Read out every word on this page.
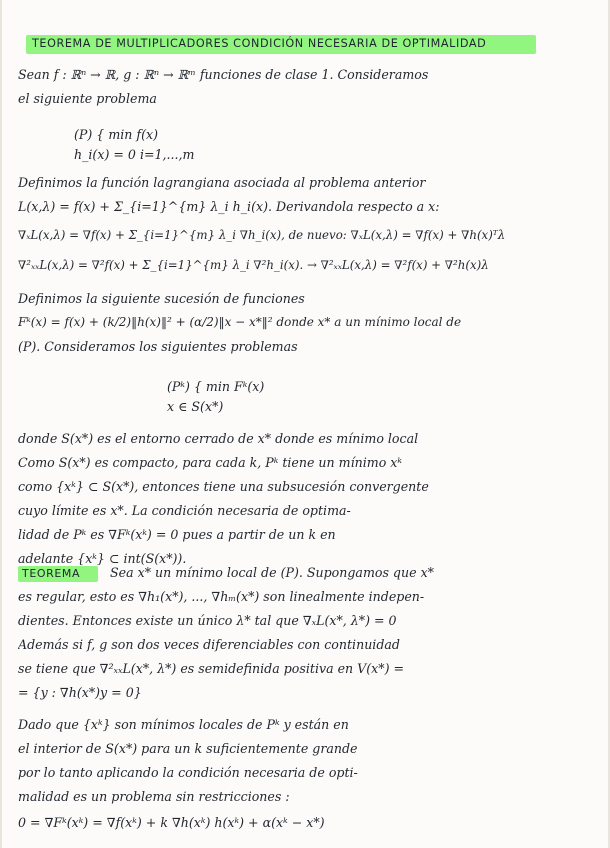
TEOREMA DE MULTIPLICADORES CONDICIÓN NECESARIA DE OPTIMALIDAD
Sean f : ℝⁿ → ℝ, g : ℝⁿ → ℝᵐ funciones de clase 1. Consideramos
el siguiente problema
(P) { min f(x)
h_i(x) = 0 i=1,...,m
Definimos la función lagrangiana asociada al problema anterior
L(x,λ) = f(x) + Σ_{i=1}^{m} λ_i h_i(x). Derivandola respecto a x:
∇ₓL(x,λ) = ∇f(x) + Σ_{i=1}^{m} λ_i ∇h_i(x), de nuevo: ∇ₓL(x,λ) = ∇f(x) + ∇h(x)ᵀλ
∇²ₓₓL(x,λ) = ∇²f(x) + Σ_{i=1}^{m} λ_i ∇²h_i(x). → ∇²ₓₓL(x,λ) = ∇²f(x) + ∇²h(x)λ
Definimos la siguiente sucesión de funciones
Fᵏ(x) = f(x) + (k/2)‖h(x)‖² + (α/2)‖x − x*‖² donde x* a un mínimo local de
(P). Consideramos los siguientes problemas
(Pᵏ) { min Fᵏ(x)
x ∈ S(x*)
donde S(x*) es el entorno cerrado de x* donde es mínimo local
Como S(x*) es compacto, para cada k, Pᵏ tiene un mínimo xᵏ
como {xᵏ} ⊂ S(x*), entonces tiene una subsucesión convergente
cuyo límite es x*. La condición necesaria de optima-
lidad de Pᵏ es ∇Fᵏ(xᵏ) = 0 pues a partir de un k en
adelante {xᵏ} ⊂ int(S(x*)).
TEOREMA Sea x* un mínimo local de (P). Supongamos que x*
es regular, esto es ∇h₁(x*), ..., ∇hₘ(x*) son linealmente indepen-
dientes. Entonces existe un único λ* tal que ∇ₓL(x*, λ*) = 0
Además si f, g son dos veces diferenciables con continuidad
se tiene que ∇²ₓₓL(x*, λ*) es semidefinida positiva en V(x*) =
= {y : ∇h(x*)y = 0}
Dado que {xᵏ} son mínimos locales de Pᵏ y están en
el interior de S(x*) para un k suficientemente grande
por lo tanto aplicando la condición necesaria de opti-
malidad es un problema sin restricciones :
0 = ∇Fᵏ(xᵏ) = ∇f(xᵏ) + k ∇h(xᵏ) h(xᵏ) + α(xᵏ − x*)
